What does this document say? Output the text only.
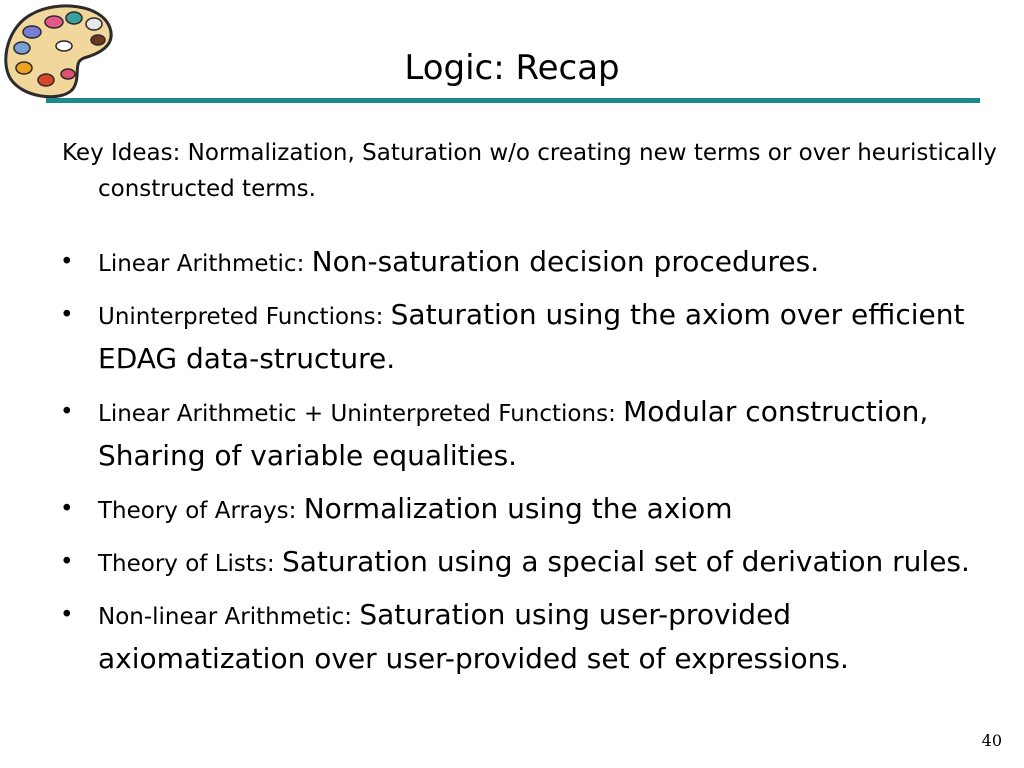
Logic: Recap
Key Ideas: Normalization, Saturation w/o creating new terms or over heuristically constructed terms.
• Linear Arithmetic: Non-saturation decision procedures.
• Uninterpreted Functions: Saturation using the axiom over efficient EDAG data-structure.
• Linear Arithmetic + Uninterpreted Functions: Modular construction, Sharing of variable equalities.
• Theory of Arrays: Normalization using the axiom
• Theory of Lists: Saturation using a special set of derivation rules.
• Non-linear Arithmetic: Saturation using user-provided axiomatization over user-provided set of expressions.
40
